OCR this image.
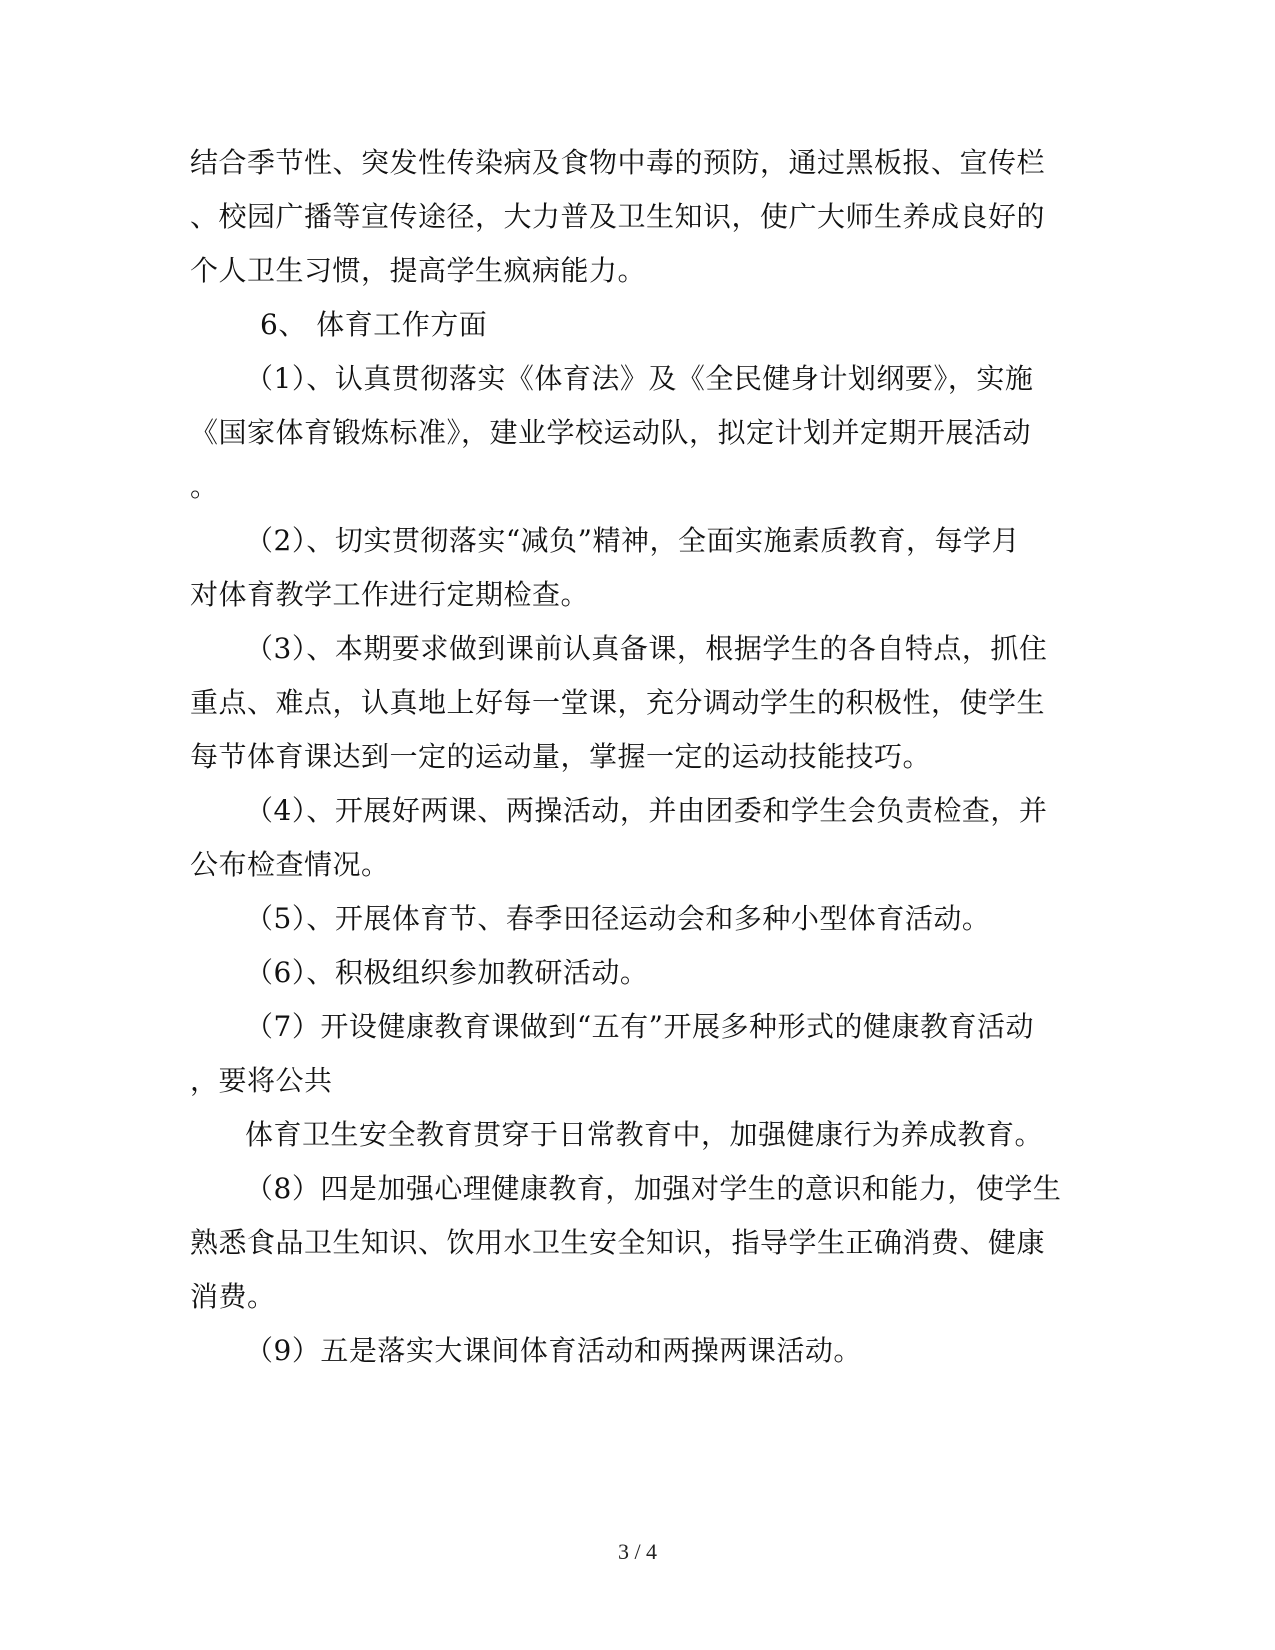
结合季节性、突发性传染病及食物中毒的预防，通过黑板报、宣传栏
、校园广播等宣传途径，大力普及卫生知识，使广大师生养成良好的
个人卫生习惯，提高学生疯病能力。
6、 体育工作方面
（1）、认真贯彻落实《体育法》及《全民健身计划纲要》，实施
《国家体育锻炼标准》，建业学校运动队，拟定计划并定期开展活动
。
（2）、切实贯彻落实“减负”精神，全面实施素质教育，每学月
对体育教学工作进行定期检查。
（3）、本期要求做到课前认真备课，根据学生的各自特点，抓住
重点、难点，认真地上好每一堂课，充分调动学生的积极性，使学生
每节体育课达到一定的运动量，掌握一定的运动技能技巧。
（4）、开展好两课、两操活动，并由团委和学生会负责检查，并
公布检查情况。
（5）、开展体育节、春季田径运动会和多种小型体育活动。
（6）、积极组织参加教研活动。
（7）开设健康教育课做到“五有”开展多种形式的健康教育活动
，要将公共
体育卫生安全教育贯穿于日常教育中，加强健康行为养成教育。
（8）四是加强心理健康教育，加强对学生的意识和能力，使学生
熟悉食品卫生知识、饮用水卫生安全知识，指导学生正确消费、健康
消费。
（9）五是落实大课间体育活动和两操两课活动。
3 / 4
